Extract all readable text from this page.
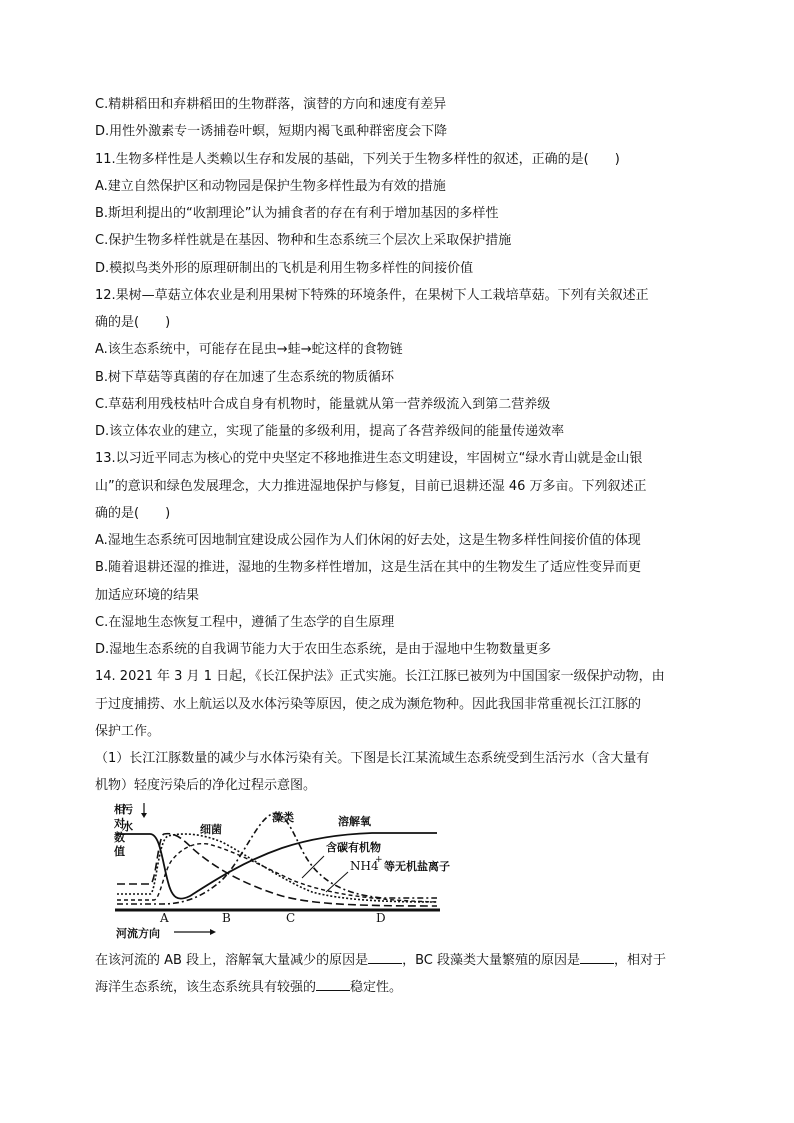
C.精耕稻田和弃耕稻田的生物群落，演替的方向和速度有差异
D.用性外激素专一诱捕卷叶螟，短期内褐飞虱种群密度会下降
11.生物多样性是人类赖以生存和发展的基础，下列关于生物多样性的叙述，正确的是(　　)
A.建立自然保护区和动物园是保护生物多样性最为有效的措施
B.斯坦利提出的“收割理论”认为捕食者的存在有利于增加基因的多样性
C.保护生物多样性就是在基因、物种和生态系统三个层次上采取保护措施
D.模拟鸟类外形的原理研制出的飞机是利用生物多样性的间接价值
12.果树—草菇立体农业是利用果树下特殊的环境条件，在果树下人工栽培草菇。下列有关叙述正
确的是(　　)
A.该生态系统中，可能存在昆虫→蛙→蛇这样的食物链
B.树下草菇等真菌的存在加速了生态系统的物质循环
C.草菇利用残枝枯叶合成自身有机物时，能量就从第一营养级流入到第二营养级
D.该立体农业的建立，实现了能量的多级利用，提高了各营养级间的能量传递效率
13.以习近平同志为核心的党中央坚定不移地推进生态文明建设，牢固树立“绿水青山就是金山银
山”的意识和绿色发展理念，大力推进湿地保护与修复，目前已退耕还湿 46 万多亩。下列叙述正
确的是(　　)
A.湿地生态系统可因地制宜建设成公园作为人们休闲的好去处，这是生物多样性间接价值的体现
B.随着退耕还湿的推进，湿地的生物多样性增加，这是生活在其中的生物发生了适应性变异而更
加适应环境的结果
C.在湿地生态恢复工程中，遵循了生态学的自生原理
D.湿地生态系统的自我调节能力大于农田生态系统，是由于湿地中生物数量更多
14. 2021 年 3 月 1 日起，《长江保护法》正式实施。长江江豚已被列为中国国家一级保护动物，由
于过度捕捞、水上航运以及水体污染等原因，使之成为濒危物种。因此我国非常重视长江江豚的
保护工作。
（1）长江江豚数量的减少与水体污染有关。下图是长江某流域生态系统受到生活污水（含大量有
机物）轻度污染后的净化过程示意图。
相
对
数
值
污
水	细菌
藻类	溶解氧
含碳有机物
NH4
+ 等无机盐离子
A	B	C	D
河流方向
在该河流的 AB 段上，溶解氧大量减少的原因是	，BC 段藻类大量繁殖的原因是	，相对于
海洋生态系统，该生态系统具有较强的	稳定性。
